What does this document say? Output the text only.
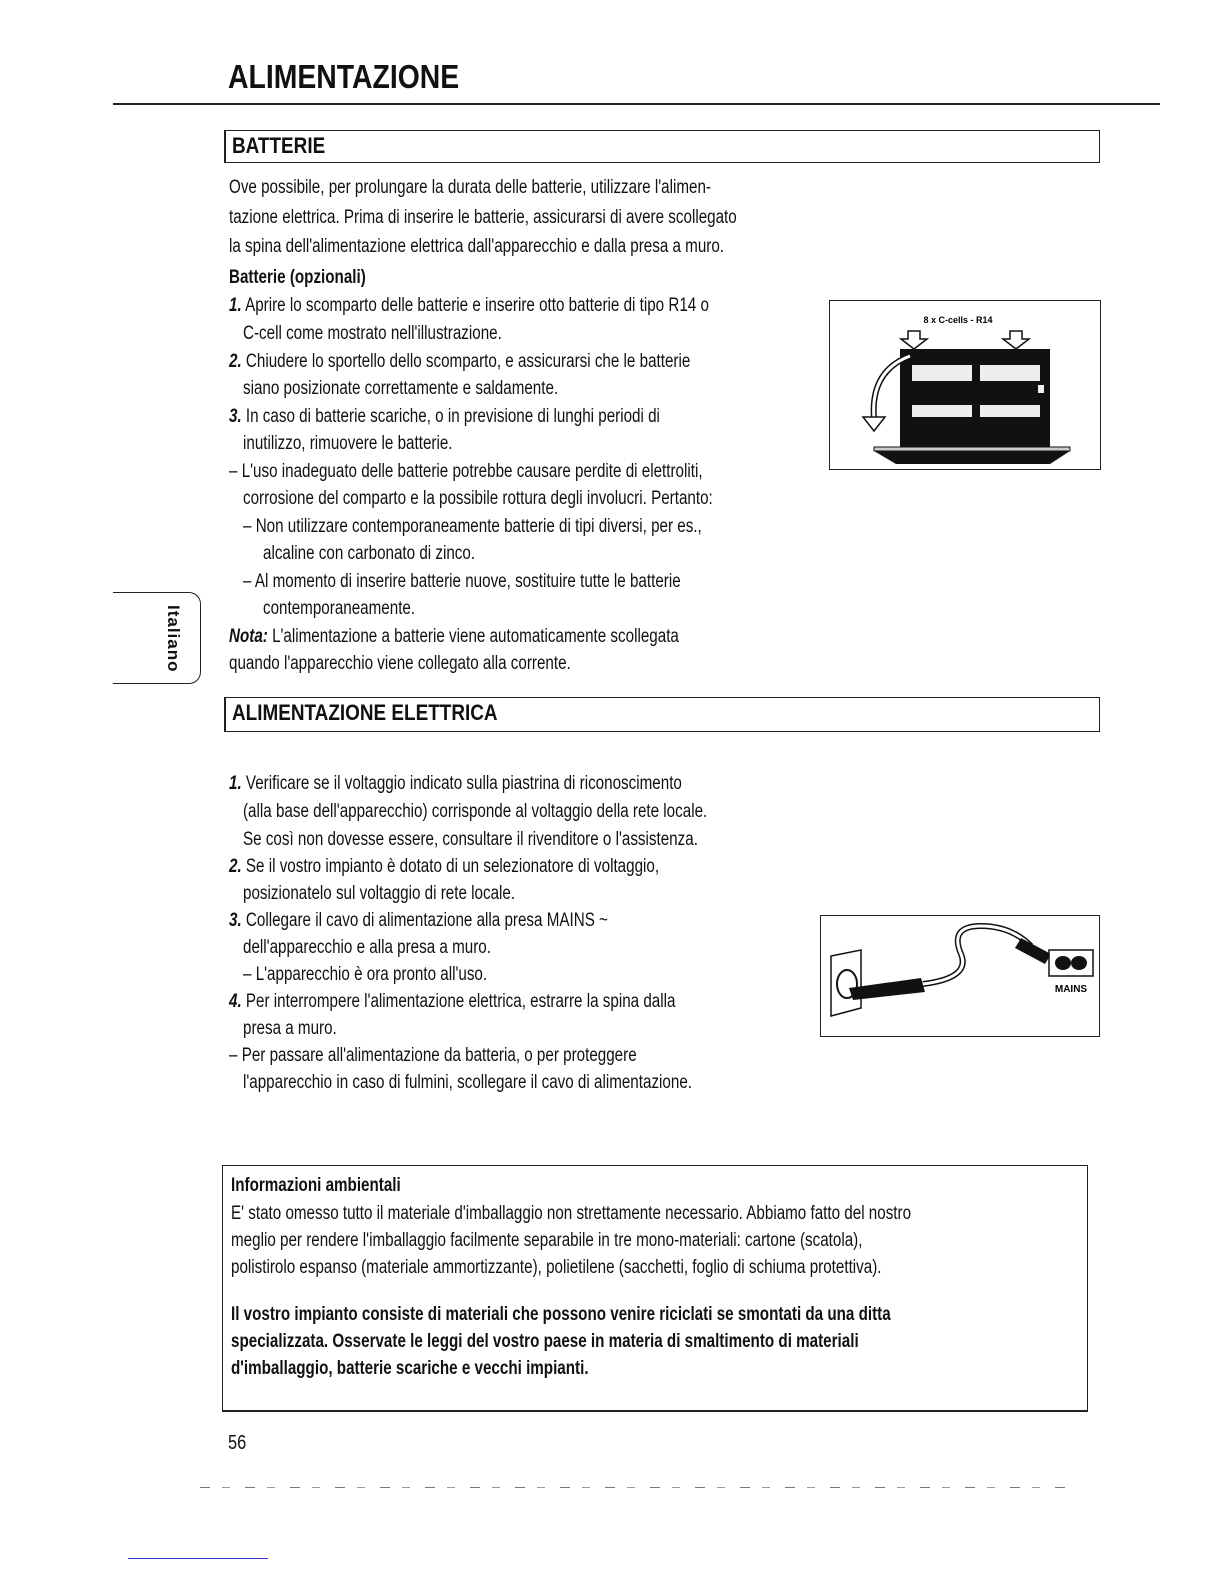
ALIMENTAZIONE
BATTERIE
Ove possibile, per prolungare la durata delle batterie, utilizzare l'alimen-
tazione elettrica. Prima di inserire le batterie, assicurarsi di avere scollegato
la spina dell'alimentazione elettrica dall'apparecchio e dalla presa a muro.
Batterie (opzionali)
1. Aprire lo scomparto delle batterie e inserire otto batterie di tipo R14 o
C-cell come mostrato nell'illustrazione.
2. Chiudere lo sportello dello scomparto, e assicurarsi che le batterie
siano posizionate correttamente e saldamente.
3. In caso di batterie scariche, o in previsione di lunghi periodi di
inutilizzo, rimuovere le batterie.
– L'uso inadeguato delle batterie potrebbe causare perdite di elettroliti,
corrosione del comparto e la possibile rottura degli involucri. Pertanto:
– Non utilizzare contemporaneamente batterie di tipi diversi, per es.,
alcaline con carbonato di zinco.
– Al momento di inserire batterie nuove, sostituire tutte le batterie
contemporaneamente.
Nota: L'alimentazione a batterie viene automaticamente scollegata
quando l'apparecchio viene collegato alla corrente.
8 x C-cells - R14
Italiano
ALIMENTAZIONE ELETTRICA
1. Verificare se il voltaggio indicato sulla piastrina di riconoscimento
(alla base dell'apparecchio) corrisponde al voltaggio della rete locale.
Se così non dovesse essere, consultare il rivenditore o l'assistenza.
2. Se il vostro impianto è dotato di un selezionatore di voltaggio,
posizionatelo sul voltaggio di rete locale.
3. Collegare il cavo di alimentazione alla presa MAINS ~
dell'apparecchio e alla presa a muro.
– L'apparecchio è ora pronto all'uso.
4. Per interrompere l'alimentazione elettrica, estrarre la spina dalla
presa a muro.
– Per passare all'alimentazione da batteria, o per proteggere
l'apparecchio in caso di fulmini, scollegare il cavo di alimentazione.
MAINS
Informazioni ambientali
E' stato omesso tutto il materiale d'imballaggio non strettamente necessario. Abbiamo fatto del nostro
meglio per rendere l'imballaggio facilmente separabile in tre mono-materiali: cartone (scatola),
polistirolo espanso (materiale ammortizzante), polietilene (sacchetti, foglio di schiuma protettiva).
Il vostro impianto consiste di materiali che possono venire riciclati se smontati da una ditta
specializzata. Osservate le leggi del vostro paese in materia di smaltimento di materiali
d'imballaggio, batterie scariche e vecchi impianti.
56
